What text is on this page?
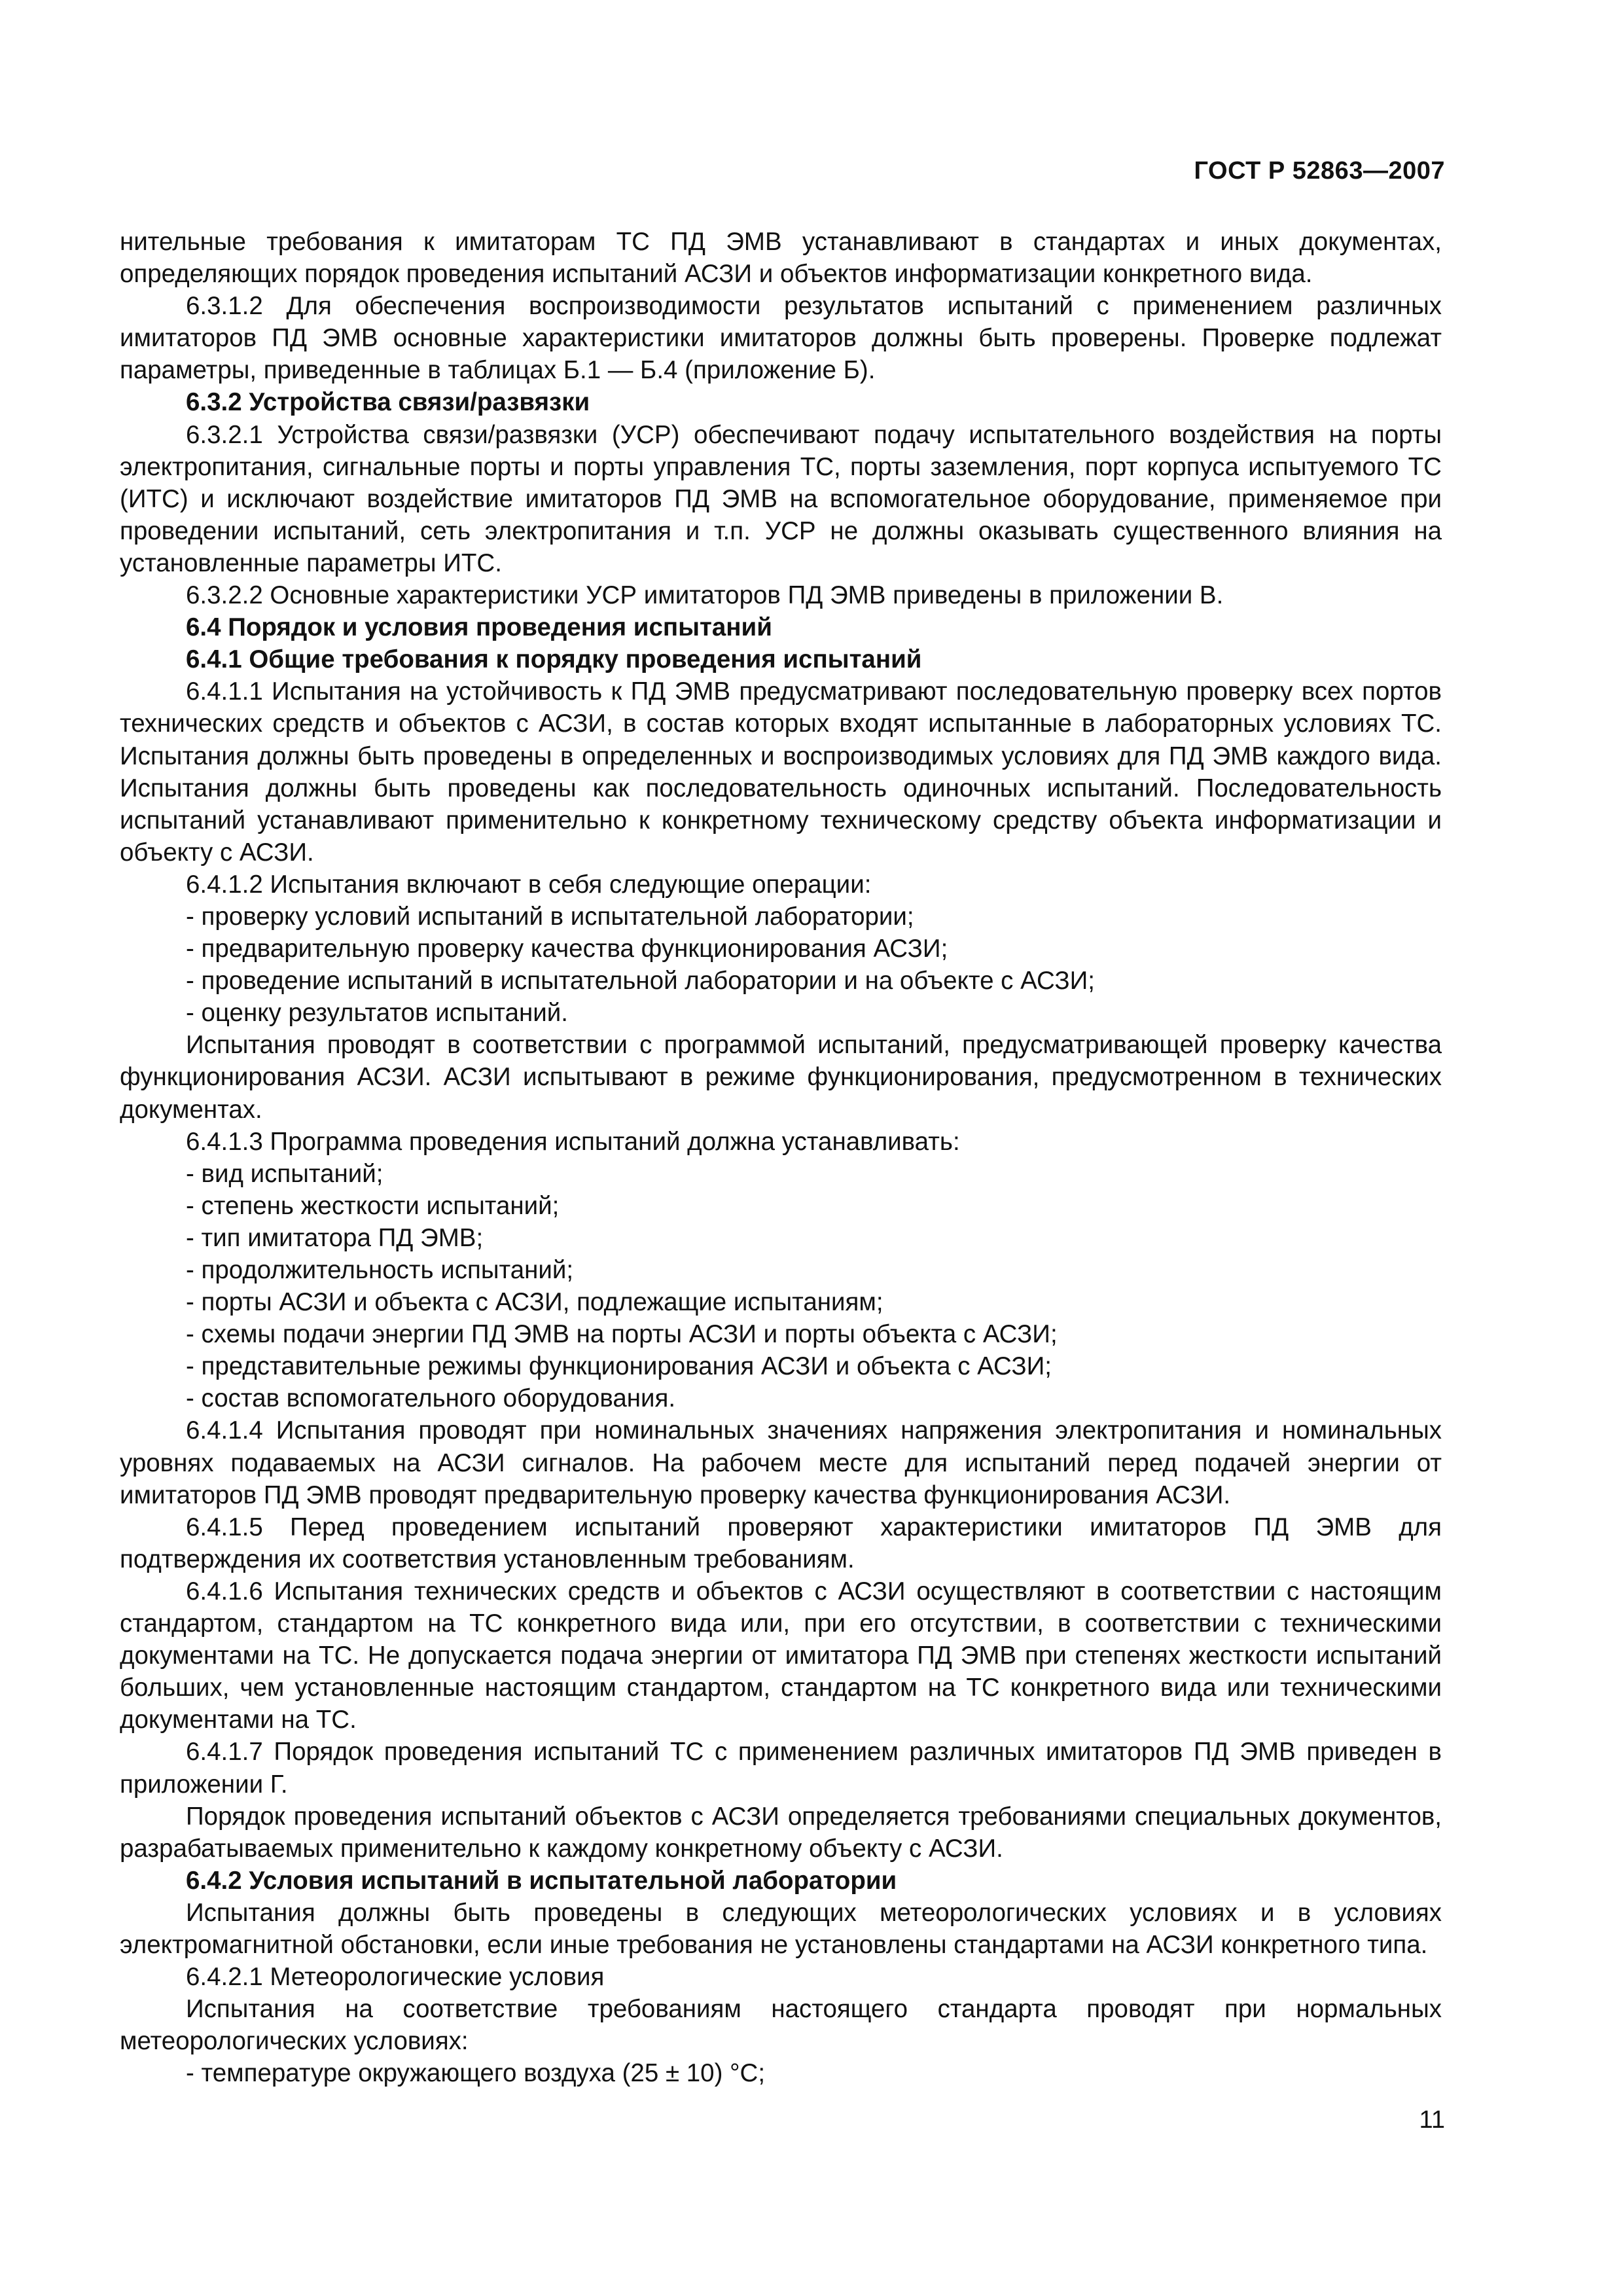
ГОСТ Р 52863—2007

нительные требования к имитаторам ТС ПД ЭМВ устанавливают в стандартах и иных документах, определяющих порядок проведения испытаний АСЗИ и объектов информатизации конкретного вида.

6.3.1.2 Для обеспечения воспроизводимости результатов испытаний с применением различных имитаторов ПД ЭМВ основные характеристики имитаторов должны быть проверены. Проверке подлежат параметры, приведенные в таблицах Б.1 — Б.4 (приложение Б).

6.3.2 Устройства связи/развязки

6.3.2.1 Устройства связи/развязки (УСР) обеспечивают подачу испытательного воздействия на порты электропитания, сигнальные порты и порты управления ТС, порты заземления, порт корпуса испытуемого ТС (ИТС) и исключают воздействие имитаторов ПД ЭМВ на вспомогательное оборудование, применяемое при проведении испытаний, сеть электропитания и т.п. УСР не должны оказывать существенного влияния на установленные параметры ИТС.

6.3.2.2 Основные характеристики УСР имитаторов ПД ЭМВ приведены в приложении В.

6.4 Порядок и условия проведения испытаний

6.4.1 Общие требования к порядку проведения испытаний

6.4.1.1 Испытания на устойчивость к ПД ЭМВ предусматривают последовательную проверку всех портов технических средств и объектов с АСЗИ, в состав которых входят испытанные в лабораторных условиях ТС. Испытания должны быть проведены в определенных и воспроизводимых условиях для ПД ЭМВ каждого вида. Испытания должны быть проведены как последовательность одиночных испытаний. Последовательность испытаний устанавливают применительно к конкретному техническому средству объекта информатизации и объекту с АСЗИ.

6.4.1.2 Испытания включают в себя следующие операции:

- проверку условий испытаний в испытательной лаборатории;

- предварительную проверку качества функционирования АСЗИ;

- проведение испытаний в испытательной лаборатории и на объекте с АСЗИ;

- оценку результатов испытаний.

Испытания проводят в соответствии с программой испытаний, предусматривающей проверку качества функционирования АСЗИ. АСЗИ испытывают в режиме функционирования, предусмотренном в технических документах.

6.4.1.3 Программа проведения испытаний должна устанавливать:

- вид испытаний;

- степень жесткости испытаний;

- тип имитатора ПД ЭМВ;

- продолжительность испытаний;

- порты АСЗИ и объекта с АСЗИ, подлежащие испытаниям;

- схемы подачи энергии ПД ЭМВ на порты АСЗИ и порты объекта с АСЗИ;

- представительные режимы функционирования АСЗИ и объекта с АСЗИ;

- состав вспомогательного оборудования.

6.4.1.4 Испытания проводят при номинальных значениях напряжения электропитания и номинальных уровнях подаваемых на АСЗИ сигналов. На рабочем месте для испытаний перед подачей энергии от имитаторов ПД ЭМВ проводят предварительную проверку качества функционирования АСЗИ.

6.4.1.5 Перед проведением испытаний проверяют характеристики имитаторов ПД ЭМВ для подтверждения их соответствия установленным требованиям.

6.4.1.6 Испытания технических средств и объектов с АСЗИ осуществляют в соответствии с настоящим стандартом, стандартом на ТС конкретного вида или, при его отсутствии, в соответствии с техническими документами на ТС. Не допускается подача энергии от имитатора ПД ЭМВ при степенях жесткости испытаний больших, чем установленные настоящим стандартом, стандартом на ТС конкретного вида или техническими документами на ТС.

6.4.1.7 Порядок проведения испытаний ТС с применением различных имитаторов ПД ЭМВ приведен в приложении Г.

Порядок проведения испытаний объектов с АСЗИ определяется требованиями специальных документов, разрабатываемых применительно к каждому конкретному объекту с АСЗИ.

6.4.2 Условия испытаний в испытательной лаборатории

Испытания должны быть проведены в следующих метеорологических условиях и в условиях электромагнитной обстановки, если иные требования не установлены стандартами на АСЗИ конкретного типа.

6.4.2.1 Метеорологические условия

Испытания на соответствие требованиям настоящего стандарта проводят при нормальных метеорологических условиях:

- температуре окружающего воздуха (25 ± 10) °С;

11
